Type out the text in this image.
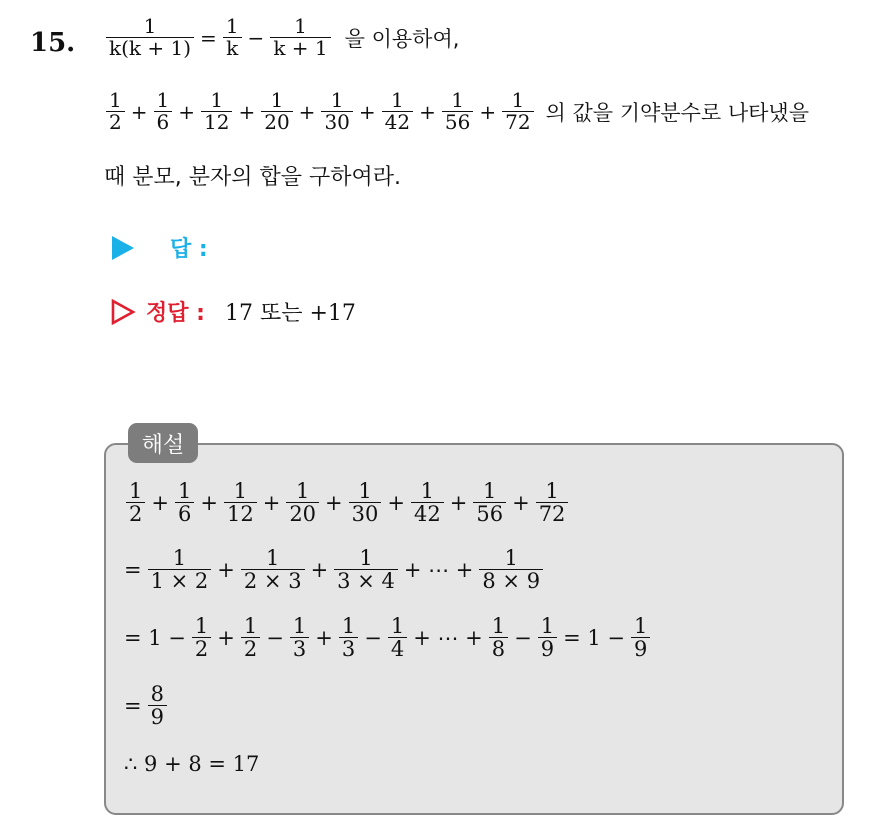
15. $\frac{1}{k(k + 1)} = \frac{1}{k} - \frac{1}{k + 1}$ 을 이용하여,
$\frac{1}{2} + \frac{1}{6} + \frac{1}{12} + \frac{1}{20} + \frac{1}{30} + \frac{1}{42} + \frac{1}{56} + \frac{1}{72}$ 의 값을 기약분수로 나타냈을
때 분모, 분자의 합을 구하여라.
답 :
정답 : 17 또는 +17
해설
$\frac{1}{2} + \frac{1}{6} + \frac{1}{12} + \frac{1}{20} + \frac{1}{30} + \frac{1}{42} + \frac{1}{56} + \frac{1}{72}$
= $\frac{1}{1 \times 2} + \frac{1}{2 \times 3} + \frac{1}{3 \times 4}$ + ⋯ + $\frac{1}{8 \times 9}$
= $1 - \frac{1}{2} + \frac{1}{2} - \frac{1}{3} + \frac{1}{3} - \frac{1}{4}$ + ⋯ + $\frac{1}{8} - \frac{1}{9} = 1 - \frac{1}{9}$
= $\frac{8}{9}$
∴ 9 + 8 = 17
